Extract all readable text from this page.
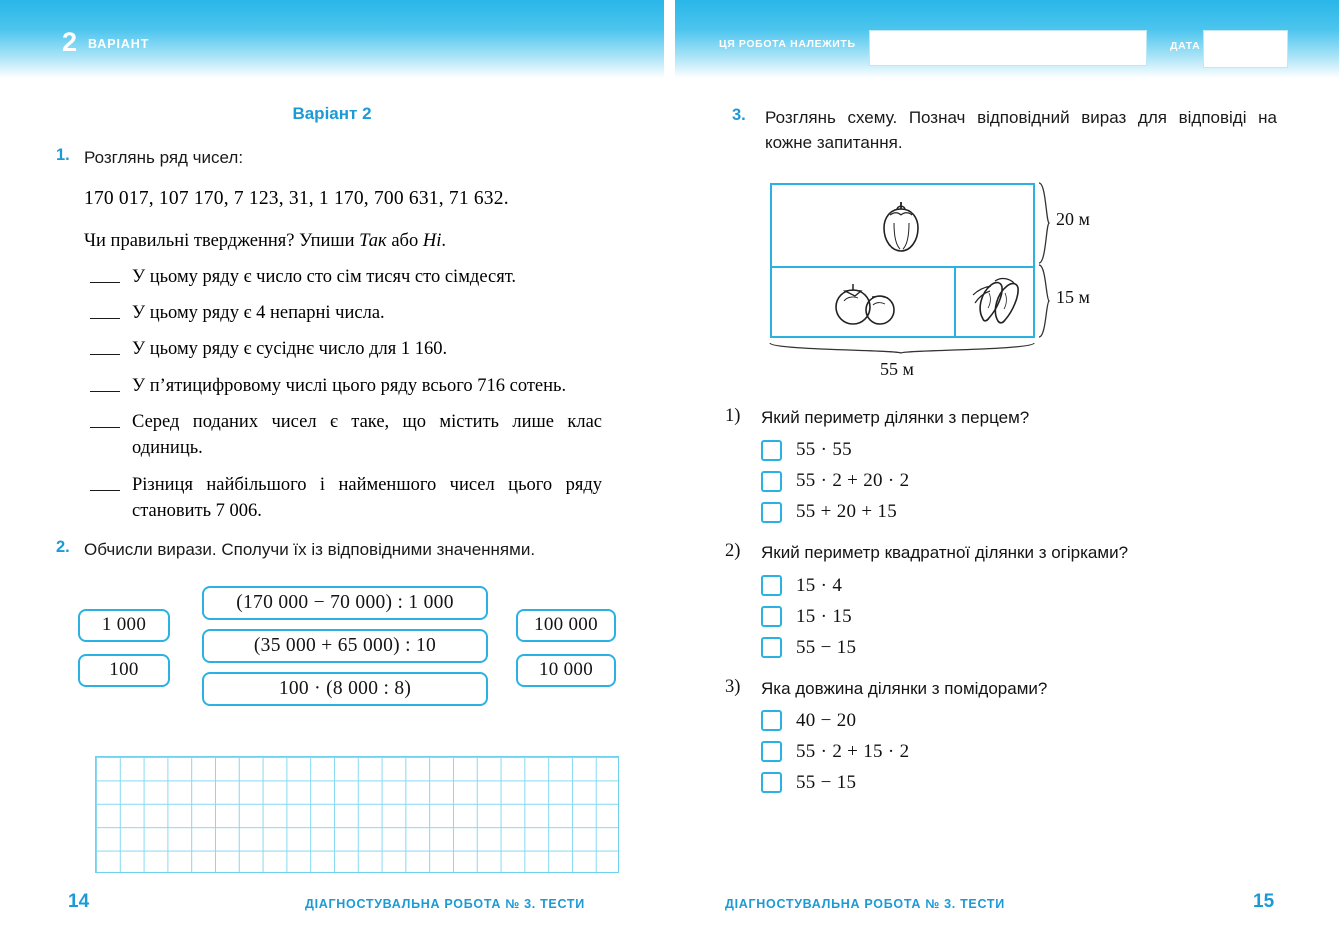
2 ВАРІАНТ	ЦЯ РОБОТА НАЛЕЖИТЬ	ДАТА
Варіант 2
1. Розглянь ряд чисел:
170 017, 107 170, 7 123, 31, 1 170, 700 631, 71 632.
Чи правильні твердження? Упиши Так або Ні.
У цьому ряду є число сто сім тисяч сто сімдесят.
У цьому ряду є 4 непарні числа.
У цьому ряду є сусіднє число для 1 160.
У п’ятицифровому числі цього ряду всього 716 сотень.
Серед поданих чисел є таке, що містить лише клас одиниць.
Різниця найбільшого і найменшого чисел цього ряду становить 7 006.
2. Обчисли вирази. Сполучи їх із відповідними значеннями.
1 000
100
(170 000 − 70 000) : 1 000
(35 000 + 65 000) : 10
100 · (8 000 : 8)
100 000
10 000
14	ДІАГНОСТУВАЛЬНА РОБОТА № 3. ТЕСТИ
3. Розглянь схему. Познач відповідний вираз для відповіді на кожне запитання.
20 м
15 м
55 м
1) Який периметр ділянки з перцем?
55 · 55
55 · 2 + 20 · 2
55 + 20 + 15
2) Який периметр квадратної ділянки з огірками?
15 · 4
15 · 15
55 − 15
3) Яка довжина ділянки з помідорами?
40 − 20
55 · 2 + 15 · 2
55 − 15
ДІАГНОСТУВАЛЬНА РОБОТА № 3. ТЕСТИ	15
